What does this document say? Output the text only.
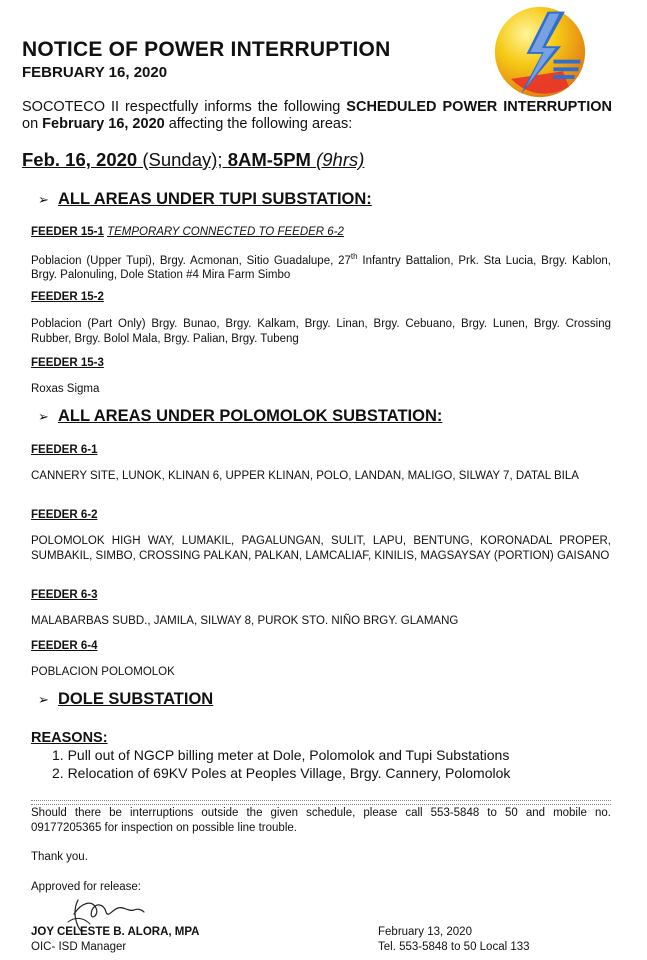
NOTICE OF POWER INTERRUPTION
FEBRUARY 16, 2020
SOCOTECO II respectfully informs the following SCHEDULED POWER INTERRUPTION on February 16, 2020 affecting the following areas:
Feb. 16, 2020 (Sunday); 8AM-5PM (9hrs)
➢ ALL AREAS UNDER TUPI SUBSTATION:
FEEDER 15-1 TEMPORARY CONNECTED TO FEEDER 6-2
Poblacion (Upper Tupi), Brgy. Acmonan, Sitio Guadalupe, 27th Infantry Battalion, Prk. Sta Lucia, Brgy. Kablon, Brgy. Palonuling, Dole Station #4 Mira Farm Simbo
FEEDER 15-2
Poblacion (Part Only) Brgy. Bunao, Brgy. Kalkam, Brgy. Linan, Brgy. Cebuano, Brgy. Lunen, Brgy. Crossing Rubber, Brgy. Bolol Mala, Brgy. Palian, Brgy. Tubeng
FEEDER 15-3
Roxas Sigma
➢ ALL AREAS UNDER POLOMOLOK SUBSTATION:
FEEDER 6-1
CANNERY SITE, LUNOK, KLINAN 6, UPPER KLINAN, POLO, LANDAN, MALIGO, SILWAY 7, DATAL BILA
FEEDER 6-2
POLOMOLOK HIGH WAY, LUMAKIL, PAGALUNGAN, SULIT, LAPU, BENTUNG, KORONADAL PROPER, SUMBAKIL, SIMBO, CROSSING PALKAN, PALKAN, LAMCALIAF, KINILIS, MAGSAYSAY (PORTION) GAISANO
FEEDER 6-3
MALABARBAS SUBD., JAMILA, SILWAY 8, PUROK STO. NIÑO BRGY. GLAMANG
FEEDER 6-4
POBLACION POLOMOLOK
➢ DOLE SUBSTATION
REASONS:
1. Pull out of NGCP billing meter at Dole, Polomolok and Tupi Substations
2. Relocation of 69KV Poles at Peoples Village, Brgy. Cannery, Polomolok
Should there be interruptions outside the given schedule, please call 553-5848 to 50 and mobile no. 09177205365 for inspection on possible line trouble.
Thank you.
Approved for release:
JOY CELESTE B. ALORA, MPA
OIC- ISD Manager
February 13, 2020
Tel. 553-5848 to 50 Local 133
